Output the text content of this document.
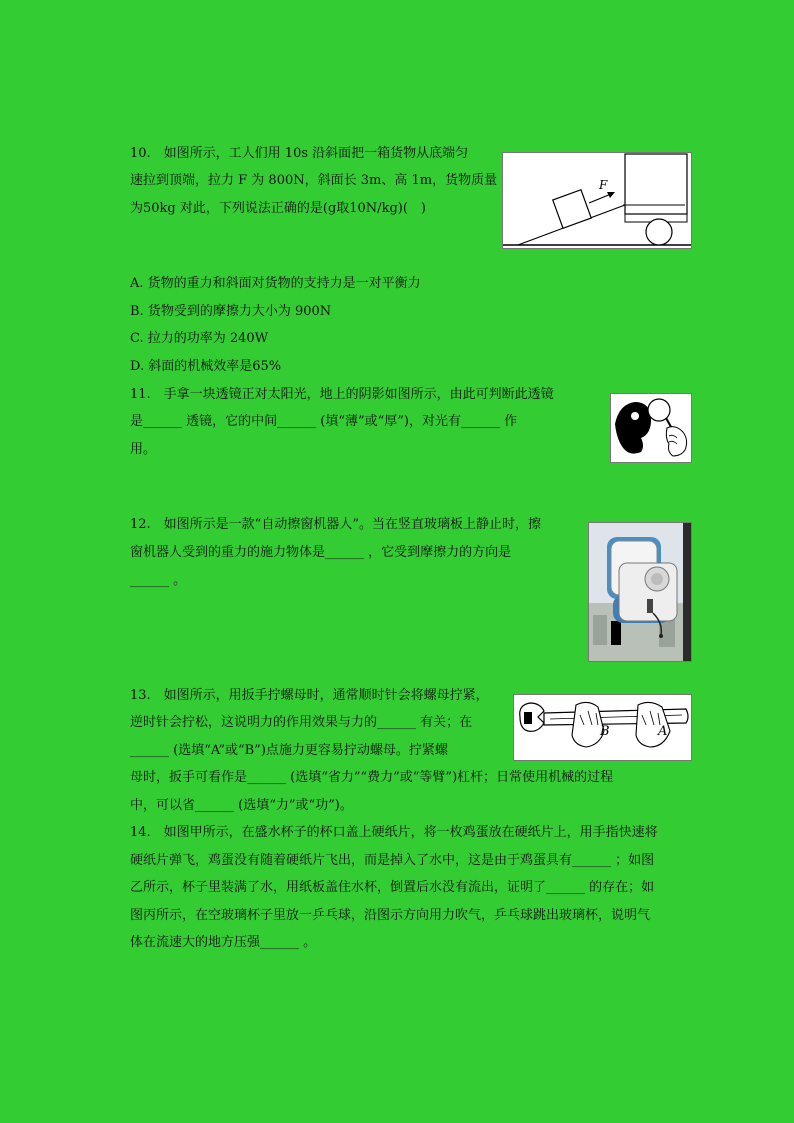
10.　如图所示，工人们用 10s 沿斜面把一箱货物从底端匀
速拉到顶端，拉力 F 为 800N，斜面长 3m、高 1m，货物质量
为50kg 对此，下列说法正确的是(g取10N/kg)(　)
F
A. 货物的重力和斜面对货物的支持力是一对平衡力
B. 货物受到的摩擦力大小为 900N
C. 拉力的功率为 240W
D. 斜面的机械效率是65%
11.　手拿一块透镜正对太阳光，地上的阴影如图所示，由此可判断此透镜
是______ 透镜，它的中间______ (填“薄”或“厚”)，对光有______ 作
用。
12.　如图所示是一款“自动擦窗机器人”。当在竖直玻璃板上静止时，擦
窗机器人受到的重力的施力物体是______ ，它受到摩擦力的方向是
______ 。
13.　如图所示，用扳手拧螺母时，通常顺时针会将螺母拧紧，
逆时针会拧松，这说明力的作用效果与力的______ 有关；在
______ (选填“A”或“B”)点施力更容易拧动螺母。拧紧螺
母时，扳手可看作是______ (选填“省力”“费力”或“等臂”)杠杆；日常使用机械的过程
中，可以省______ (选填“力”或“功”)。
B	A
14.　如图甲所示，在盛水杯子的杯口盖上硬纸片，将一枚鸡蛋放在硬纸片上，用手指快速将
硬纸片弹飞，鸡蛋没有随着硬纸片飞出，而是掉入了水中，这是由于鸡蛋具有______ ；如图
乙所示，杯子里装满了水，用纸板盖住水杯，倒置后水没有流出，证明了______ 的存在；如
图丙所示，在空玻璃杯子里放一乒乓球，沿图示方向用力吹气，乒乓球跳出玻璃杯，说明气
体在流速大的地方压强______ 。
